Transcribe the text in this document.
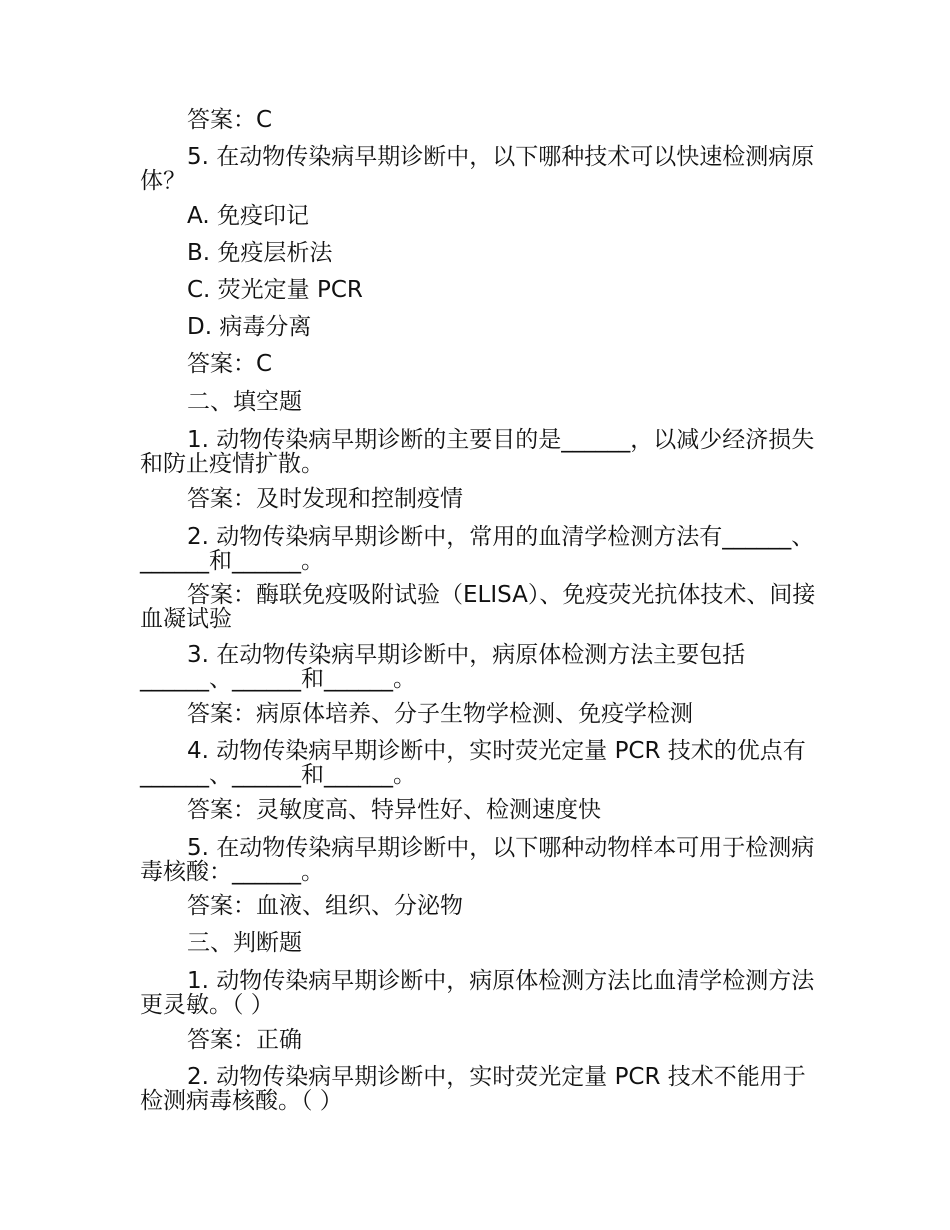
答案：C
5. 在动物传染病早期诊断中，以下哪种技术可以快速检测病原体？
A. 免疫印记
B. 免疫层析法
C. 荧光定量 PCR
D. 病毒分离
答案：C
二、填空题
1. 动物传染病早期诊断的主要目的是______，以减少经济损失和防止疫情扩散。
答案：及时发现和控制疫情
2. 动物传染病早期诊断中，常用的血清学检测方法有______、______和______。
答案：酶联免疫吸附试验（ELISA）、免疫荧光抗体技术、间接血凝试验
3. 在动物传染病早期诊断中，病原体检测方法主要包括______、______和______。
答案：病原体培养、分子生物学检测、免疫学检测
4. 动物传染病早期诊断中，实时荧光定量 PCR 技术的优点有______、______和______。
答案：灵敏度高、特异性好、检测速度快
5. 在动物传染病早期诊断中，以下哪种动物样本可用于检测病毒核酸：______。
答案：血液、组织、分泌物
三、判断题
1. 动物传染病早期诊断中，病原体检测方法比血清学检测方法更灵敏。（ ）
答案：正确
2. 动物传染病早期诊断中，实时荧光定量 PCR 技术不能用于检测病毒核酸。（ ）
